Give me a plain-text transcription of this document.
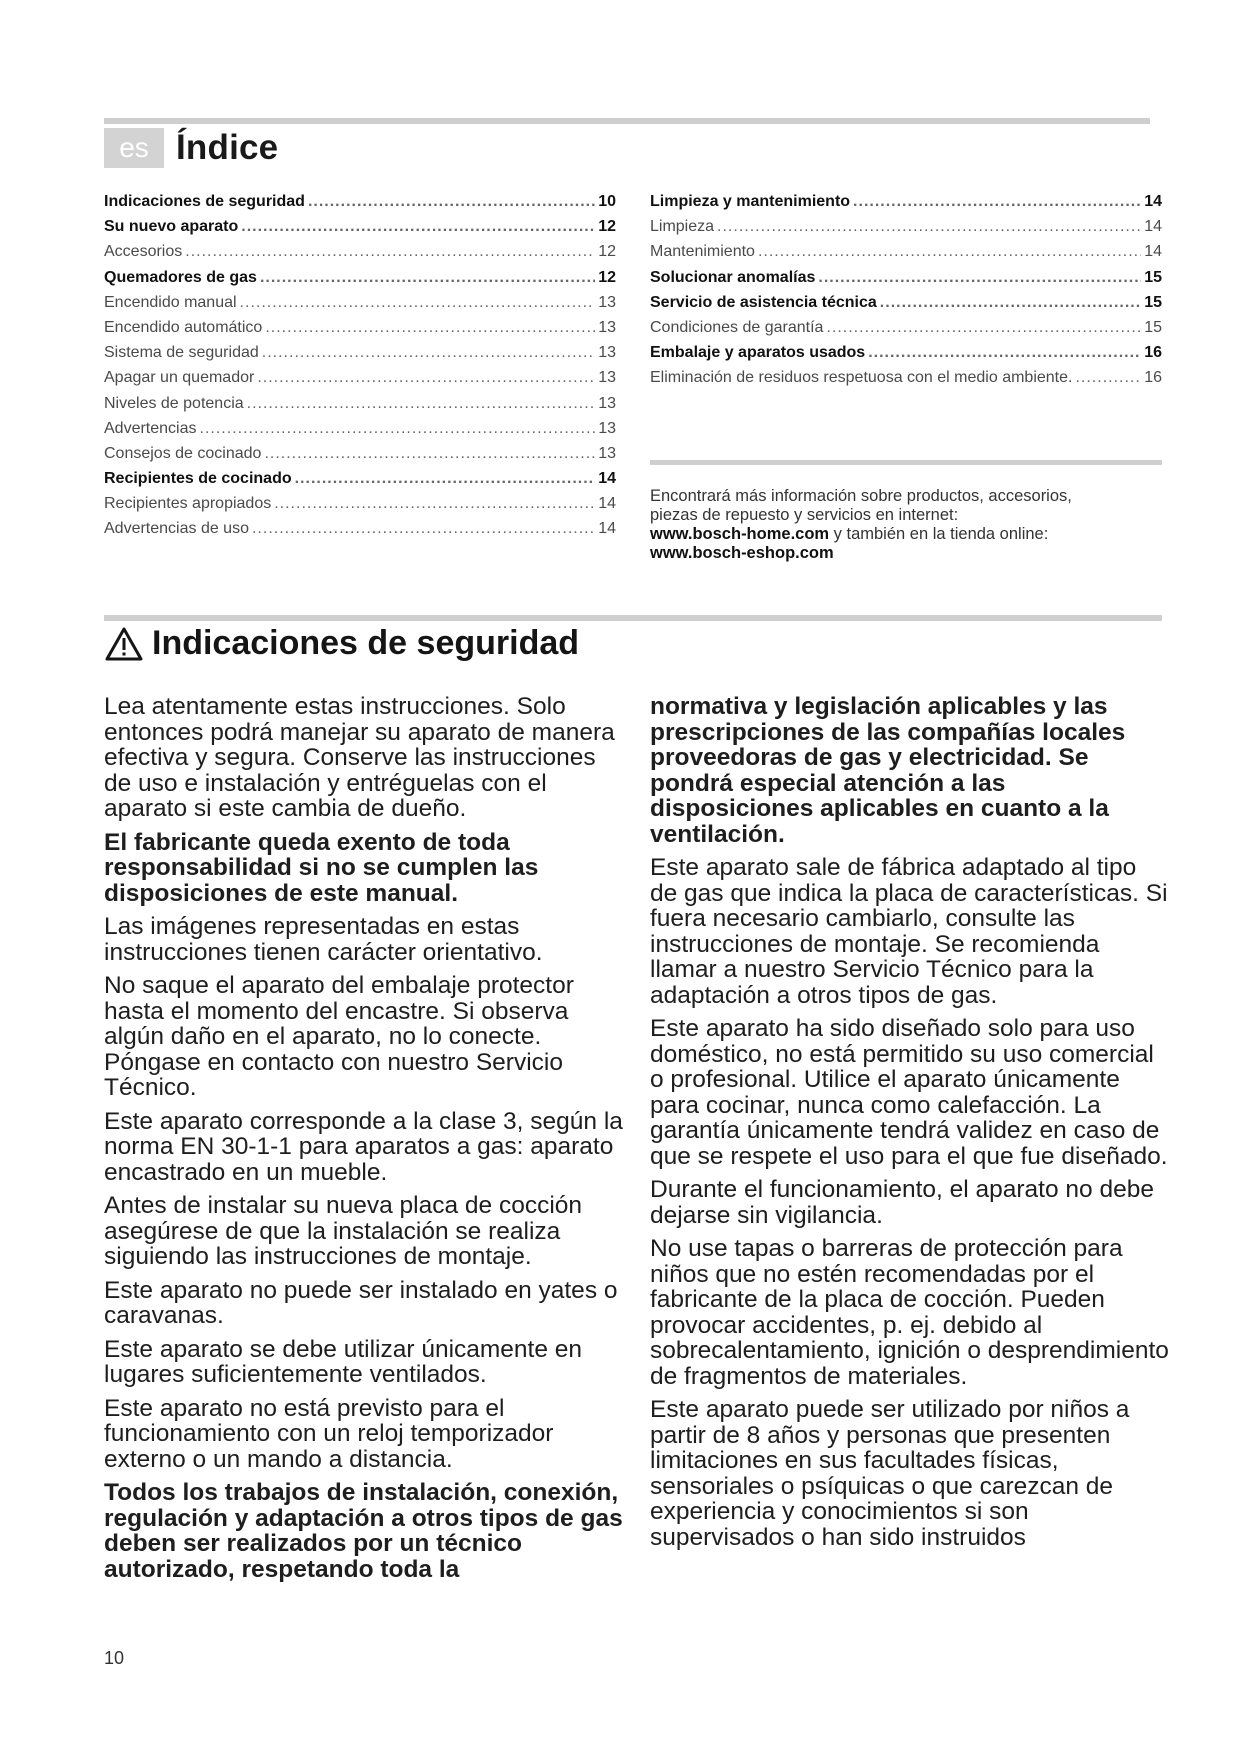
es Índice
Indicaciones de seguridad .....	10
Su nuevo aparato .....	12
Accesorios .....	12
Quemadores de gas .....	12
Encendido manual .....	13
Encendido automático .....	13
Sistema de seguridad .....	13
Apagar un quemador .....	13
Niveles de potencia .....	13
Advertencias .....	13
Consejos de cocinado .....	13
Recipientes de cocinado .....	14
Recipientes apropiados .....	14
Advertencias de uso .....	14
Limpieza y mantenimiento .....	14
Limpieza .....	14
Mantenimiento .....	14
Solucionar anomalías .....	15
Servicio de asistencia técnica .....	15
Condiciones de garantía .....	15
Embalaje y aparatos usados .....	16
Eliminación de residuos respetuosa con el medio ambiente. .....	16

Encontrará más información sobre productos, accesorios,

piezas de repuesto y servicios en internet:

www.bosch-home.com y también en la tienda online:

www.bosch-eshop.com

Indicaciones de seguridad

Lea atentamente estas instrucciones. Solo entonces podrá manejar su aparato de manera efectiva y segura. Conserve las instrucciones de uso e instalación y entréguelas con el aparato si este cambia de dueño.

El fabricante queda exento de toda responsabilidad si no se cumplen las disposiciones de este manual.

Las imágenes representadas en estas instrucciones tienen carácter orientativo.

No saque el aparato del embalaje protector hasta el momento del encastre. Si observa algún daño en el aparato, no lo conecte. Póngase en contacto con nuestro Servicio Técnico.

Este aparato corresponde a la clase 3, según la norma EN 30-1-1 para aparatos a gas: aparato encastrado en un mueble.

Antes de instalar su nueva placa de cocción asegúrese de que la instalación se realiza siguiendo las instrucciones de montaje.

Este aparato no puede ser instalado en yates o caravanas.

Este aparato se debe utilizar únicamente en lugares suficientemente ventilados.

Este aparato no está previsto para el funcionamiento con un reloj temporizador externo o un mando a distancia.

Todos los trabajos de instalación, conexión, regulación y adaptación a otros tipos de gas deben ser realizados por un técnico autorizado, respetando toda la

normativa y legislación aplicables y las prescripciones de las compañías locales proveedoras de gas y electricidad. Se pondrá especial atención a las disposiciones aplicables en cuanto a la ventilación.

Este aparato sale de fábrica adaptado al tipo de gas que indica la placa de características. Si fuera necesario cambiarlo, consulte las instrucciones de montaje. Se recomienda llamar a nuestro Servicio Técnico para la adaptación a otros tipos de gas.

Este aparato ha sido diseñado solo para uso doméstico, no está permitido su uso comercial o profesional. Utilice el aparato únicamente para cocinar, nunca como calefacción. La garantía únicamente tendrá validez en caso de que se respete el uso para el que fue diseñado.

Durante el funcionamiento, el aparato no debe dejarse sin vigilancia.

No use tapas o barreras de protección para niños que no estén recomendadas por el fabricante de la placa de cocción. Pueden provocar accidentes, p. ej. debido al sobrecalentamiento, ignición o desprendimiento de fragmentos de materiales.

Este aparato puede ser utilizado por niños a partir de 8 años y personas que presenten limitaciones en sus facultades físicas, sensoriales o psíquicas o que carezcan de experiencia y conocimientos si son supervisados o han sido instruidos

10
